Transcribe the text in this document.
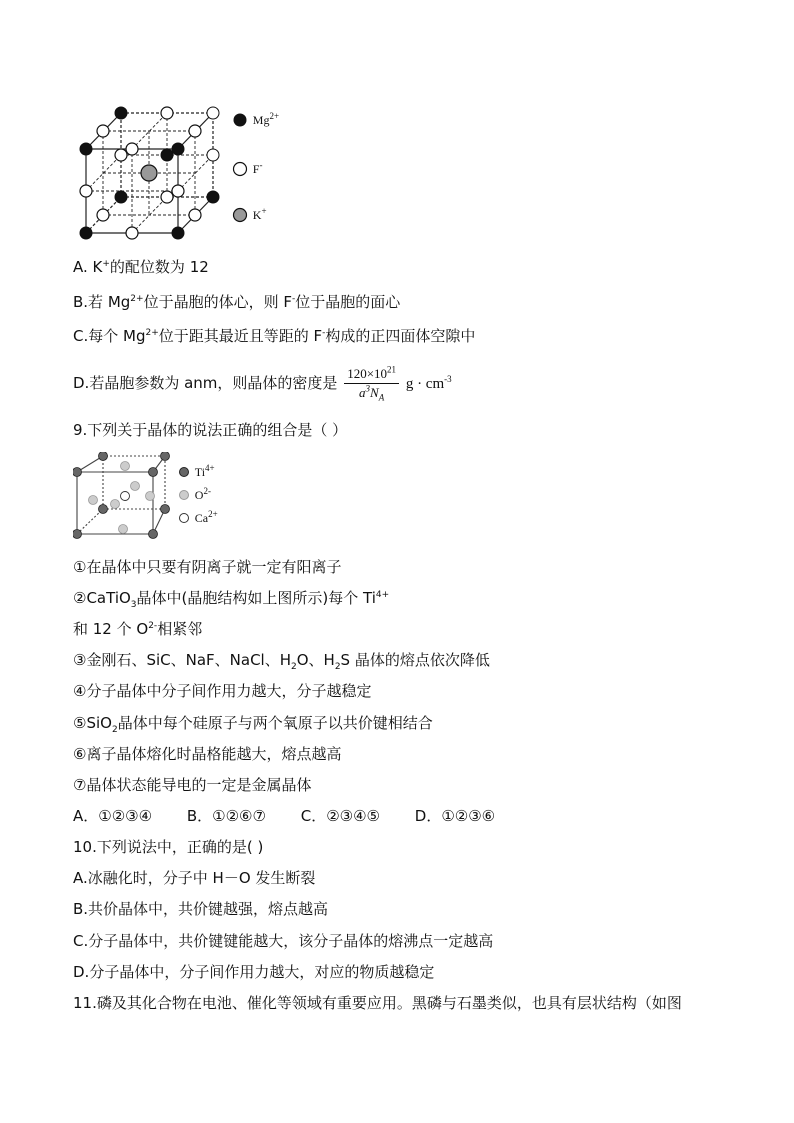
$Mg^{2+}$
F-
K+
A. K+的配位数为 12
B.若 $Mg^{2+}$位于晶胞的体心，则 F-位于晶胞的面心
C.每个 $Mg^{2+}$位于距其最近且等距的 F-构成的正四面体空隙中
D.若晶胞参数为 anm，则晶体的密度是 $\frac{120\times 10^{21}}{a^3N_A}$ $g \cdot cm^{-3}$
9.下列关于晶体的说法正确的组合是（ ）
$Ti^{4+}$
$O^{2-}$
$Ca^{2+}$
①在晶体中只要有阴离子就一定有阳离子
②CaTiO$_3$晶体中(晶胞结构如上图所示)每个 $Ti^{4+}$
和 12 个 $O^{2-}$相紧邻
③金刚石、SiC、NaF、NaCl、$H_2O$、$H_2S$ 晶体的熔点依次降低
④分子晶体中分子间作用力越大，分子越稳定
⑤SiO$_2$晶体中每个硅原子与两个氧原子以共价键相结合
⑥离子晶体熔化时晶格能越大，熔点越高
⑦晶体状态能导电的一定是金属晶体
A．①②③④ B．①②⑥⑦ C．②③④⑤ D．①②③⑥
10.下列说法中，正确的是( )
A.冰融化时，分子中 H－O 发生断裂
B.共价晶体中，共价键越强，熔点越高
C.分子晶体中，共价键键能越大，该分子晶体的熔沸点一定越高
D.分子晶体中，分子间作用力越大，对应的物质越稳定
11.磷及其化合物在电池、催化等领域有重要应用。黑磷与石墨类似，也具有层状结构（如图
